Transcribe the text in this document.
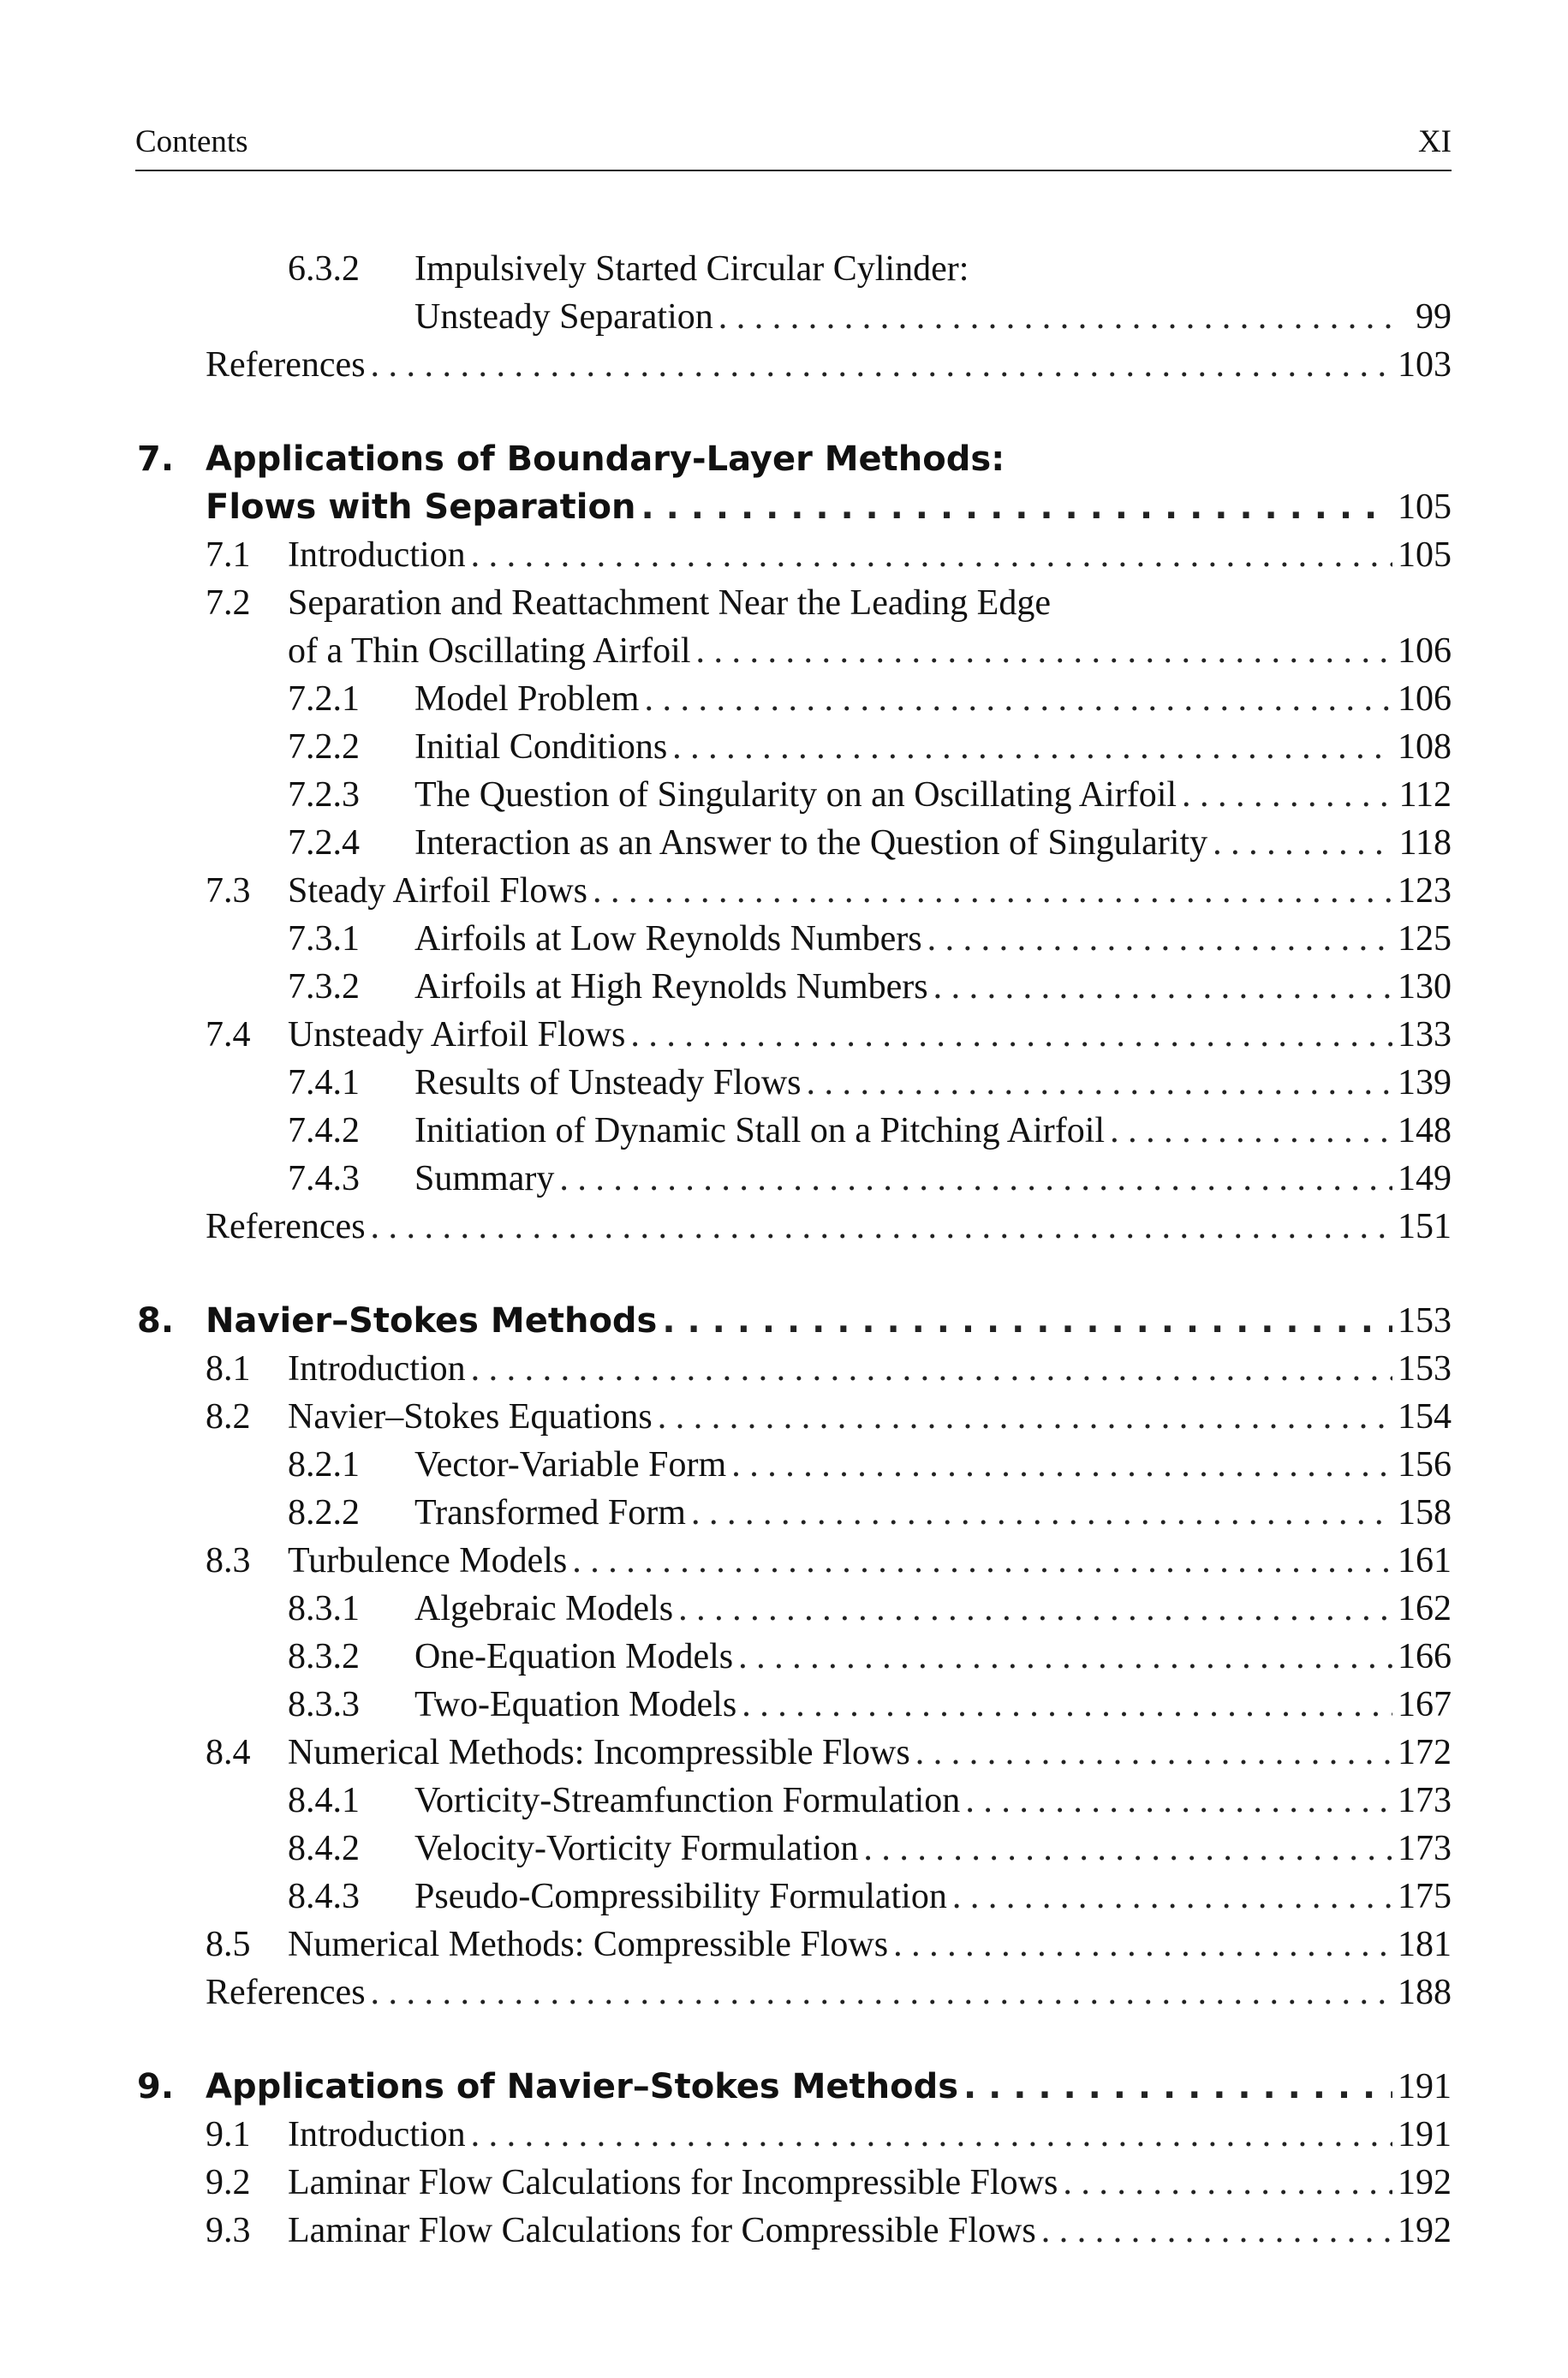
Contents	XI
6.3.2	Impulsively Started Circular Cylinder:
Unsteady Separation . . .	99
References . . .	103
7. Applications of Boundary-Layer Methods:
Flows with Separation . . .	105
7.1	Introduction . . .	105
7.2	Separation and Reattachment Near the Leading Edge
of a Thin Oscillating Airfoil . . .	106
7.2.1	Model Problem . . .	106
7.2.2	Initial Conditions . . .	108
7.2.3	The Question of Singularity on an Oscillating Airfoil . . .	112
7.2.4	Interaction as an Answer to the Question of Singularity . . .	118
7.3	Steady Airfoil Flows . . .	123
7.3.1	Airfoils at Low Reynolds Numbers . . .	125
7.3.2	Airfoils at High Reynolds Numbers . . .	130
7.4	Unsteady Airfoil Flows . . .	133
7.4.1	Results of Unsteady Flows . . .	139
7.4.2	Initiation of Dynamic Stall on a Pitching Airfoil . . .	148
7.4.3	Summary . . .	149
References . . .	151
8. Navier–Stokes Methods . . .	153
8.1	Introduction . . .	153
8.2	Navier–Stokes Equations . . .	154
8.2.1	Vector-Variable Form . . .	156
8.2.2	Transformed Form . . .	158
8.3	Turbulence Models . . .	161
8.3.1	Algebraic Models . . .	162
8.3.2	One-Equation Models . . .	166
8.3.3	Two-Equation Models . . .	167
8.4	Numerical Methods: Incompressible Flows . . .	172
8.4.1	Vorticity-Streamfunction Formulation . . .	173
8.4.2	Velocity-Vorticity Formulation . . .	173
8.4.3	Pseudo-Compressibility Formulation . . .	175
8.5	Numerical Methods: Compressible Flows . . .	181
References . . .	188
9. Applications of Navier–Stokes Methods . . .	191
9.1	Introduction . . .	191
9.2	Laminar Flow Calculations for Incompressible Flows . . .	192
9.3	Laminar Flow Calculations for Compressible Flows . . .	192
